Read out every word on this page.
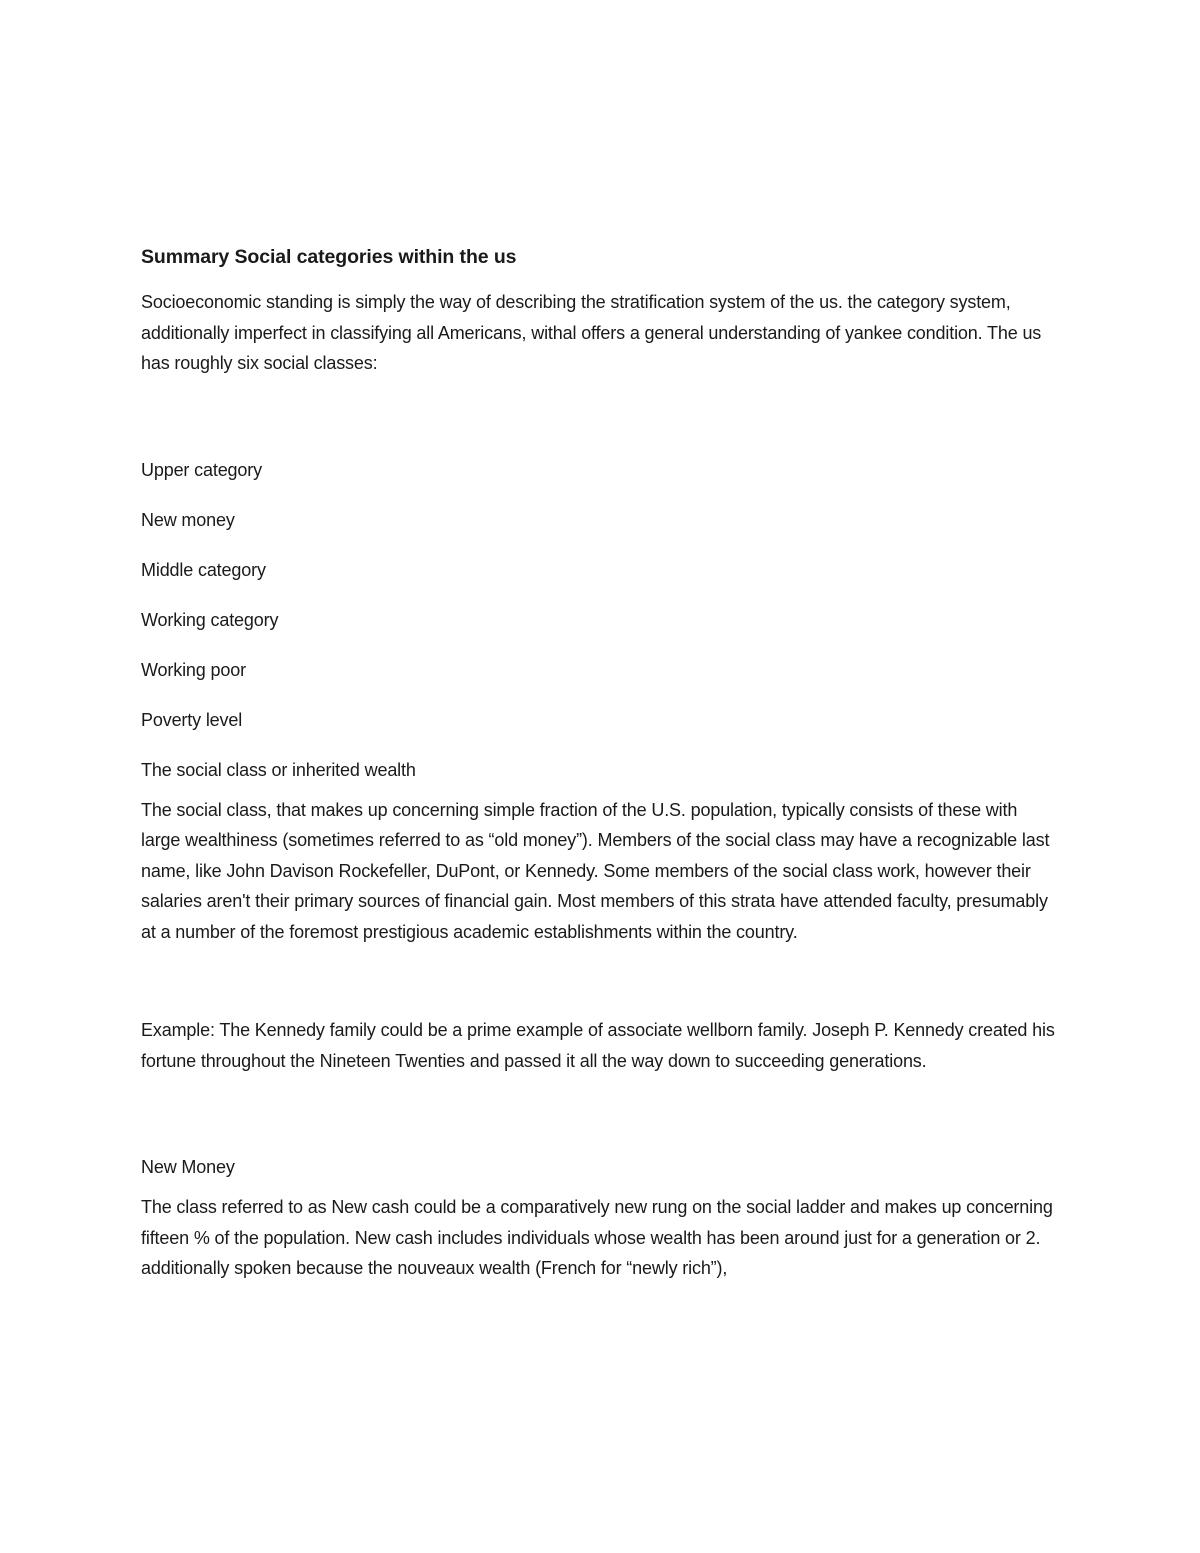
Summary Social categories within the us

Socioeconomic standing is simply the way of describing the stratification system of the us. the category system, additionally imperfect in classifying all Americans, withal offers a general understanding of yankee condition. The us has roughly six social classes:

Upper category
New money
Middle category
Working category
Working poor
Poverty level
The social class or inherited wealth

The social class, that makes up concerning simple fraction of the U.S. population, typically consists of these with large wealthiness (sometimes referred to as “old money”). Members of the social class may have a recognizable last name, like John Davison Rockefeller, DuPont, or Kennedy. Some members of the social class work, however their salaries aren't their primary sources of financial gain. Most members of this strata have attended faculty, presumably at a number of the foremost prestigious academic establishments within the country.

Example: The Kennedy family could be a prime example of associate wellborn family. Joseph P. Kennedy created his fortune throughout the Nineteen Twenties and passed it all the way down to succeeding generations.

New Money

The class referred to as New cash could be a comparatively new rung on the social ladder and makes up concerning fifteen % of the population. New cash includes individuals whose wealth has been around just for a generation or 2. additionally spoken because the nouveaux wealth (French for “newly rich”),
